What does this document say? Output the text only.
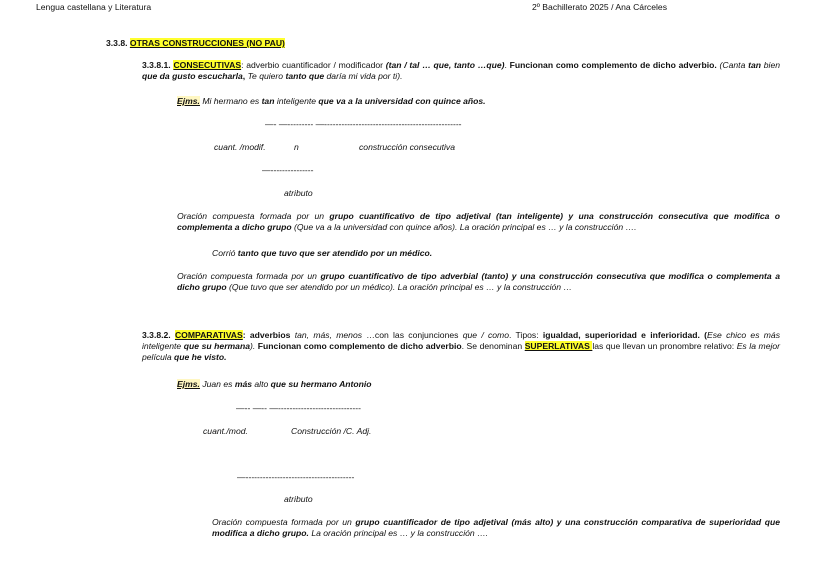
Lengua castellana y Literatura	2º Bachillerato 2025 / Ana Cárceles
3.3.8. OTRAS CONSTRUCCIONES (NO PAU)
3.3.8.1. CONSECUTIVAS: adverbio cuantificador / modificador (tan / tal … que, tanto …que). Funcionan como complemento de dicho adverbio. (Canta tan bien que da gusto escucharla, Te quiero tanto que daría mi vida por ti).
Ejms. Mi hermano es tan inteligente que va a la universidad con quince años.
—- —--------- —------------------------------------------------
cuant. /modif.	n	construcción consecutiva
—---------------
atributo
Oración compuesta formada por un grupo cuantificativo de tipo adjetival (tan inteligente) y una construcción consecutiva que modifica o complementa a dicho grupo (Que va a la universidad con quince años). La oración principal es … y la construcción ….
Corrió tanto que tuvo que ser atendido por un médico.
Oración compuesta formada por un grupo cuantificativo de tipo adverbial (tanto) y una construcción consecutiva que modifica o complementa a dicho grupo (Que tuvo que ser atendido por un médico). La oración principal es … y la construcción …
3.3.8.2. COMPARATIVAS: adverbios tan, más, menos …con las conjunciones que / como. Tipos: igualdad, superioridad e inferioridad. (Ese chico es más inteligente que su hermana). Funcionan como complemento de dicho adverbio. Se denominan SUPERLATIVAS las que llevan un pronombre relativo: Es la mejor película que he visto.
Ejms. Juan es más alto que su hermano Antonio
—-- —-- —-----------------------------
cuant./mod.	Construcción /C. Adj.
—--------------------------------------
atributo
Oración compuesta formada por un grupo cuantificador de tipo adjetival (más alto) y una construcción comparativa de superioridad que modifica a dicho grupo. La oración principal es … y la construcción ….
